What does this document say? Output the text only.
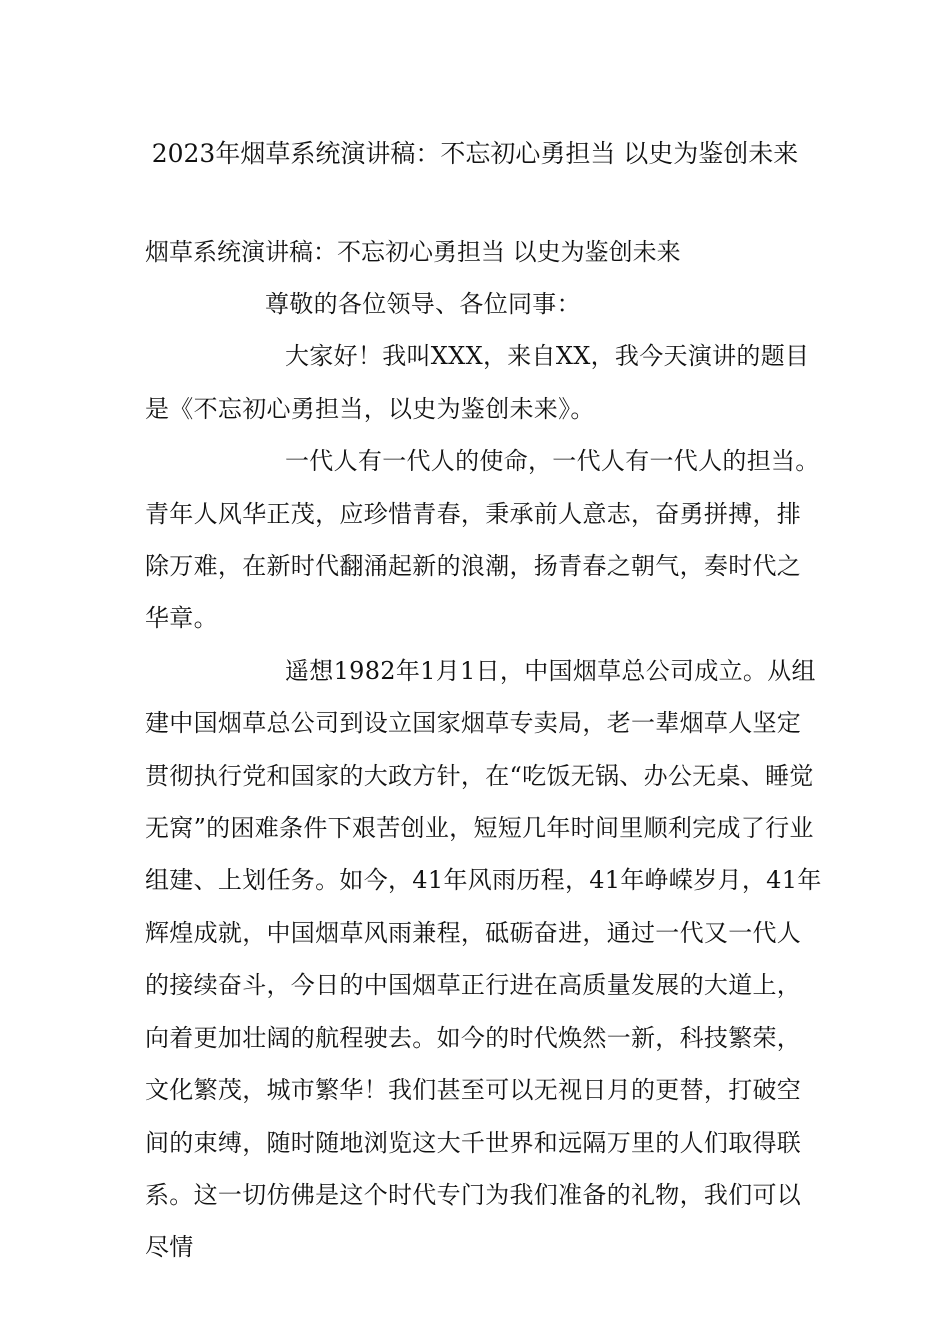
2023年烟草系统演讲稿：不忘初心勇担当 以史为鉴创未来

烟草系统演讲稿：不忘初心勇担当 以史为鉴创未来

尊敬的各位领导、各位同事：

大家好！我叫XXX，来自XX，我今天演讲的题目是《不忘初心勇担当，以史为鉴创未来》。

一代人有一代人的使命，一代人有一代人的担当。青年人风华正茂，应珍惜青春，秉承前人意志，奋勇拼搏，排除万难，在新时代翻涌起新的浪潮，扬青春之朝气，奏时代之华章。

遥想1982年1月1日，中国烟草总公司成立。从组建中国烟草总公司到设立国家烟草专卖局，老一辈烟草人坚定贯彻执行党和国家的大政方针，在“吃饭无锅、办公无桌、睡觉无窝”的困难条件下艰苦创业，短短几年时间里顺利完成了行业组建、上划任务。如今，41年风雨历程，41年峥嵘岁月，41年辉煌成就，中国烟草风雨兼程，砥砺奋进，通过一代又一代人的接续奋斗，今日的中国烟草正行进在高质量发展的大道上，向着更加壮阔的航程驶去。如今的时代焕然一新，科技繁荣，文化繁茂，城市繁华！我们甚至可以无视日月的更替，打破空间的束缚，随时随地浏览这大千世界和远隔万里的人们取得联系。这一切仿佛是这个时代专门为我们准备的礼物，我们可以尽情
